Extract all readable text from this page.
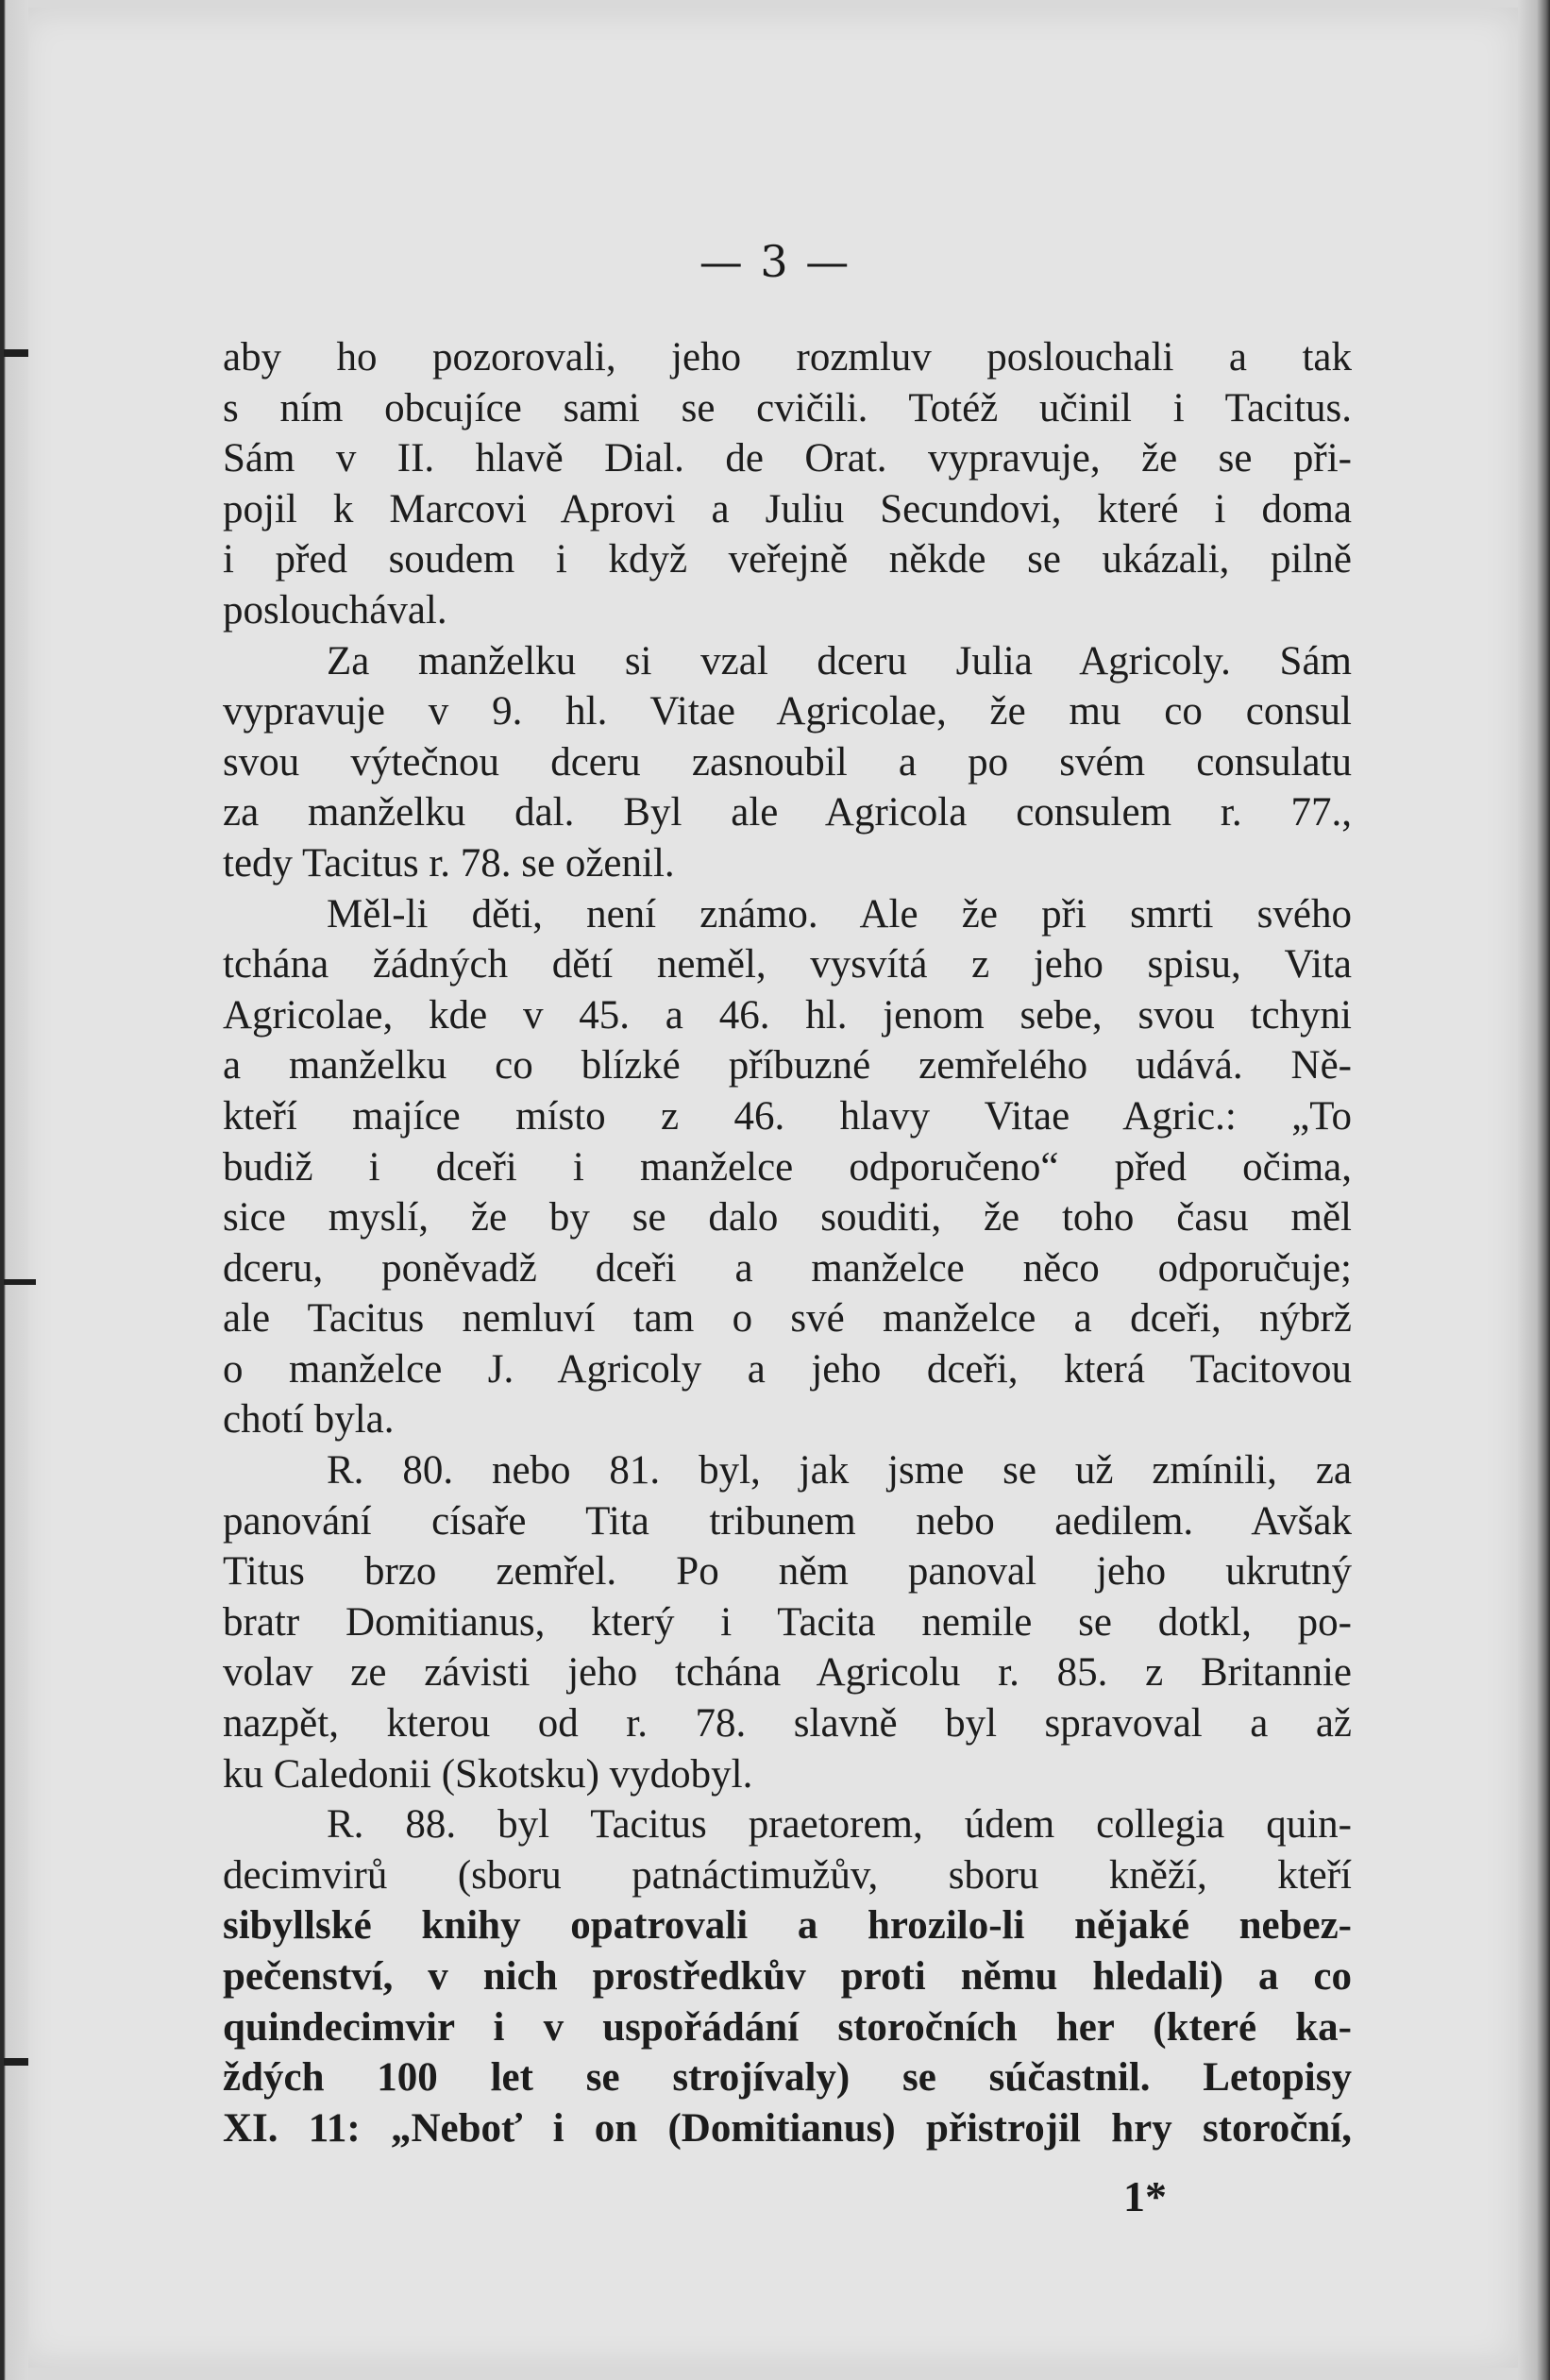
— 3 —
aby ho pozorovali, jeho rozmluv poslouchali a tak
s ním obcujíce sami se cvičili. Totéž učinil i Tacitus.
Sám v II. hlavě Dial. de Orat. vypravuje, že se při-
pojil k Marcovi Aprovi a Juliu Secundovi, které i doma
i před soudem i když veřejně někde se ukázali, pilně
poslouchával.
Za manželku si vzal dceru Julia Agricoly. Sám
vypravuje v 9. hl. Vitae Agricolae, že mu co consul
svou výtečnou dceru zasnoubil a po svém consulatu
za manželku dal. Byl ale Agricola consulem r. 77.,
tedy Tacitus r. 78. se oženil.
Měl-li děti, není známo. Ale že při smrti svého
tchána žádných dětí neměl, vysvítá z jeho spisu, Vita
Agricolae, kde v 45. a 46. hl. jenom sebe, svou tchyni
a manželku co blízké příbuzné zemřelého udává. Ně-
kteří majíce místo z 46. hlavy Vitae Agric.: „To
budiž i dceři i manželce odporučeno“ před očima,
sice myslí, že by se dalo souditi, že toho času měl
dceru, poněvadž dceři a manželce něco odporučuje;
ale Tacitus nemluví tam o své manželce a dceři, nýbrž
o manželce J. Agricoly a jeho dceři, která Tacitovou
chotí byla.
R. 80. nebo 81. byl, jak jsme se už zmínili, za
panování císaře Tita tribunem nebo aedilem. Avšak
Titus brzo zemřel. Po něm panoval jeho ukrutný
bratr Domitianus, který i Tacita nemile se dotkl, po-
volav ze závisti jeho tchána Agricolu r. 85. z Britannie
nazpět, kterou od r. 78. slavně byl spravoval a až
ku Caledonii (Skotsku) vydobyl.
R. 88. byl Tacitus praetorem, údem collegia quin-
decimvirů (sboru patnáctimužův, sboru kněží, kteří
sibyllské knihy opatrovali a hrozilo-li nějaké nebez-
pečenství, v nich prostředkův proti němu hledali) a co
quindecimvir i v uspořádání storočních her (které ka-
ždých 100 let se strojívaly) se súčastnil. Letopisy
XI. 11: „Neboť i on (Domitianus) přistrojil hry storoční,
1*
